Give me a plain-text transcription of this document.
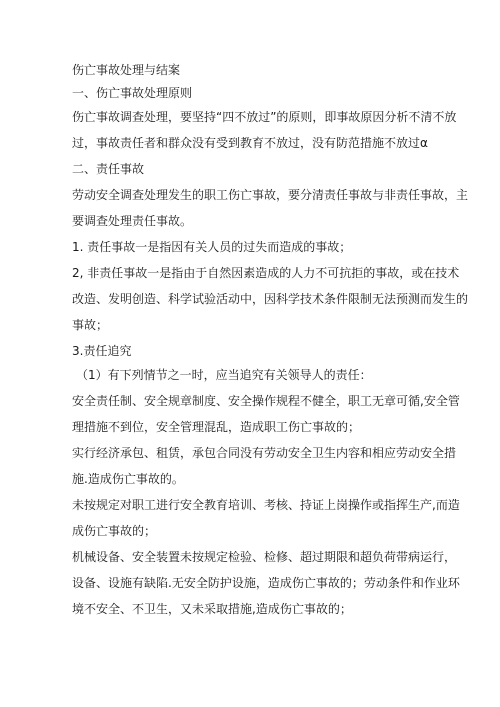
伤亡事故处理与结案
一、伤亡事故处理原则
伤亡事故调查处理，要坚持“四不放过”的原则，即事故原因分析不清不放
过，事故责任者和群众没有受到教育不放过，没有防范措施不放过α
二、责任事故
劳动安全调查处理发生的职工伤亡事故，要分清责任事故与非责任事故，主
要调查处理责任事故。
1. 责任事故一是指因有关人员的过失而造成的事故；
2, 非责任事故一是指由于自然因素造成的人力不可抗拒的事故，或在技术
改造、发明创造、科学试验活动中，因科学技术条件限制无法预测而发生的
事故；
3.责任追究
（1）有下列情节之一时，应当追究有关领导人的责任：
安全责任制、安全规章制度、安全操作规程不健全，职工无章可循,安全管
理措施不到位，安全管理混乱，造成职工伤亡事故的；
实行经济承包、租赁，承包合同没有劳动安全卫生内容和相应劳动安全措
施.造成伤亡事故的。
未按规定对职工进行安全教育培训、考核、持证上岗操作或指挥生产,而造
成伤亡事故的；
机械设备、安全装置未按规定检验、检修、超过期限和超负荷带病运行，
设备、设施有缺陷.无安全防护设施，造成伤亡事故的；劳动条件和作业环
境不安全、不卫生，又未采取措施,造成伤亡事故的；
